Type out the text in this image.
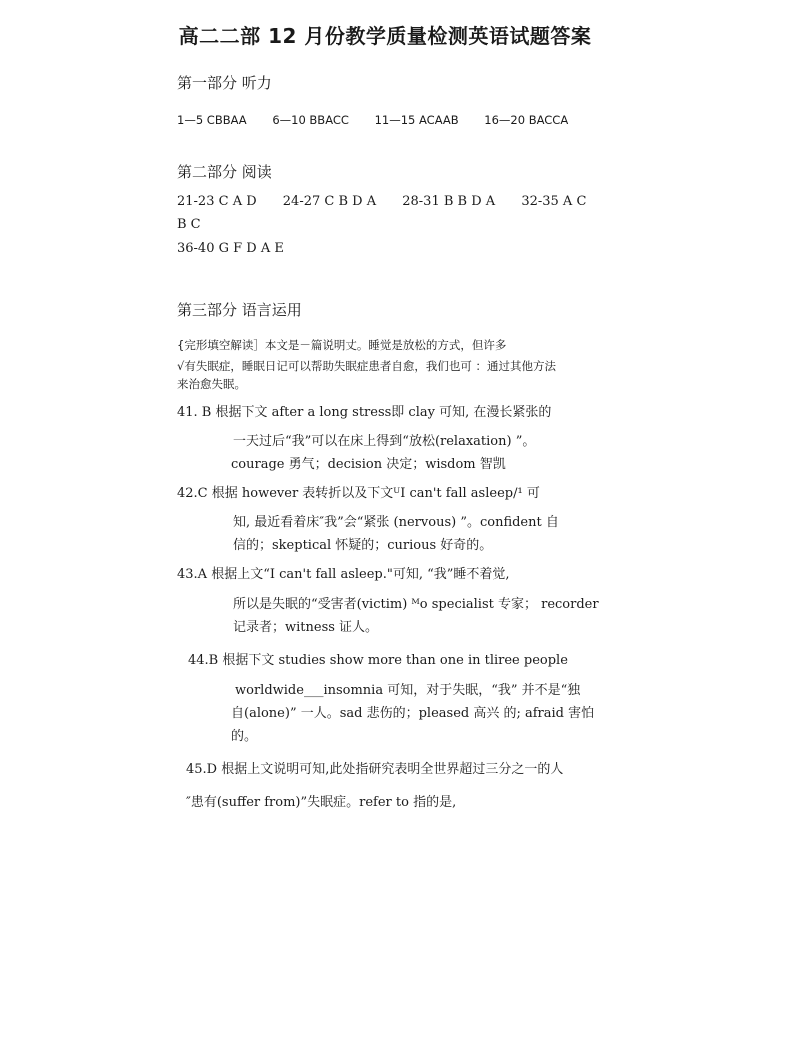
高二二部 12 月份教学质量检测英语试题答案
第一部分 听力
1—5 CBBAA 6—10 BBACC 11—15 ACAAB 16—20 BACCA
第二部分 阅读
21-23 C A D 24-27 C B D A 28-31 B B D A 32-35 A C
B C
36-40 G F D A E
第三部分 语言运用
{完形填空解读］本文是－篇说明丈。睡觉是放松的方式，但许多
√有失眠症，睡眠日记可以帮助失眠症患者自愈，我们也可 ：通过其他方法
来治愈失眠。
41. B 根据下文 after a long stress即 clay 可知, 在漫长紧张的
一天过后“我”可以在床上得到“放松(relaxation) ”。
courage 勇气；decision 决定；wisdom 智凯
42.C 根据 however 表转折以及下文ᵁI can't fall asleep/¹ 可
知, 最近看着床″我”会“紧张 (nervous) ”。confident 自
信的；skeptical 怀疑的；curious 好奇的。
43.A 根据上文“I can't fall asleep."可知, “我”睡不着觉,
所以是失眠的“受害者(victim) ᴹo specialist 专家； recorder
记录者；witness 证人。
44.B 根据下文 studies show more than one in tliree people
worldwide___insomnia 可知，对于失眠，“我” 并不是“独
自(alone)” 一人。sad 悲伤的；pleased 高兴 的; afraid 害怕
的。
45.D 根据上文说明可知,此处指研究表明全世界超过三分之一的人
″患有(suffer from)”失眠症。refer to 指的是,
